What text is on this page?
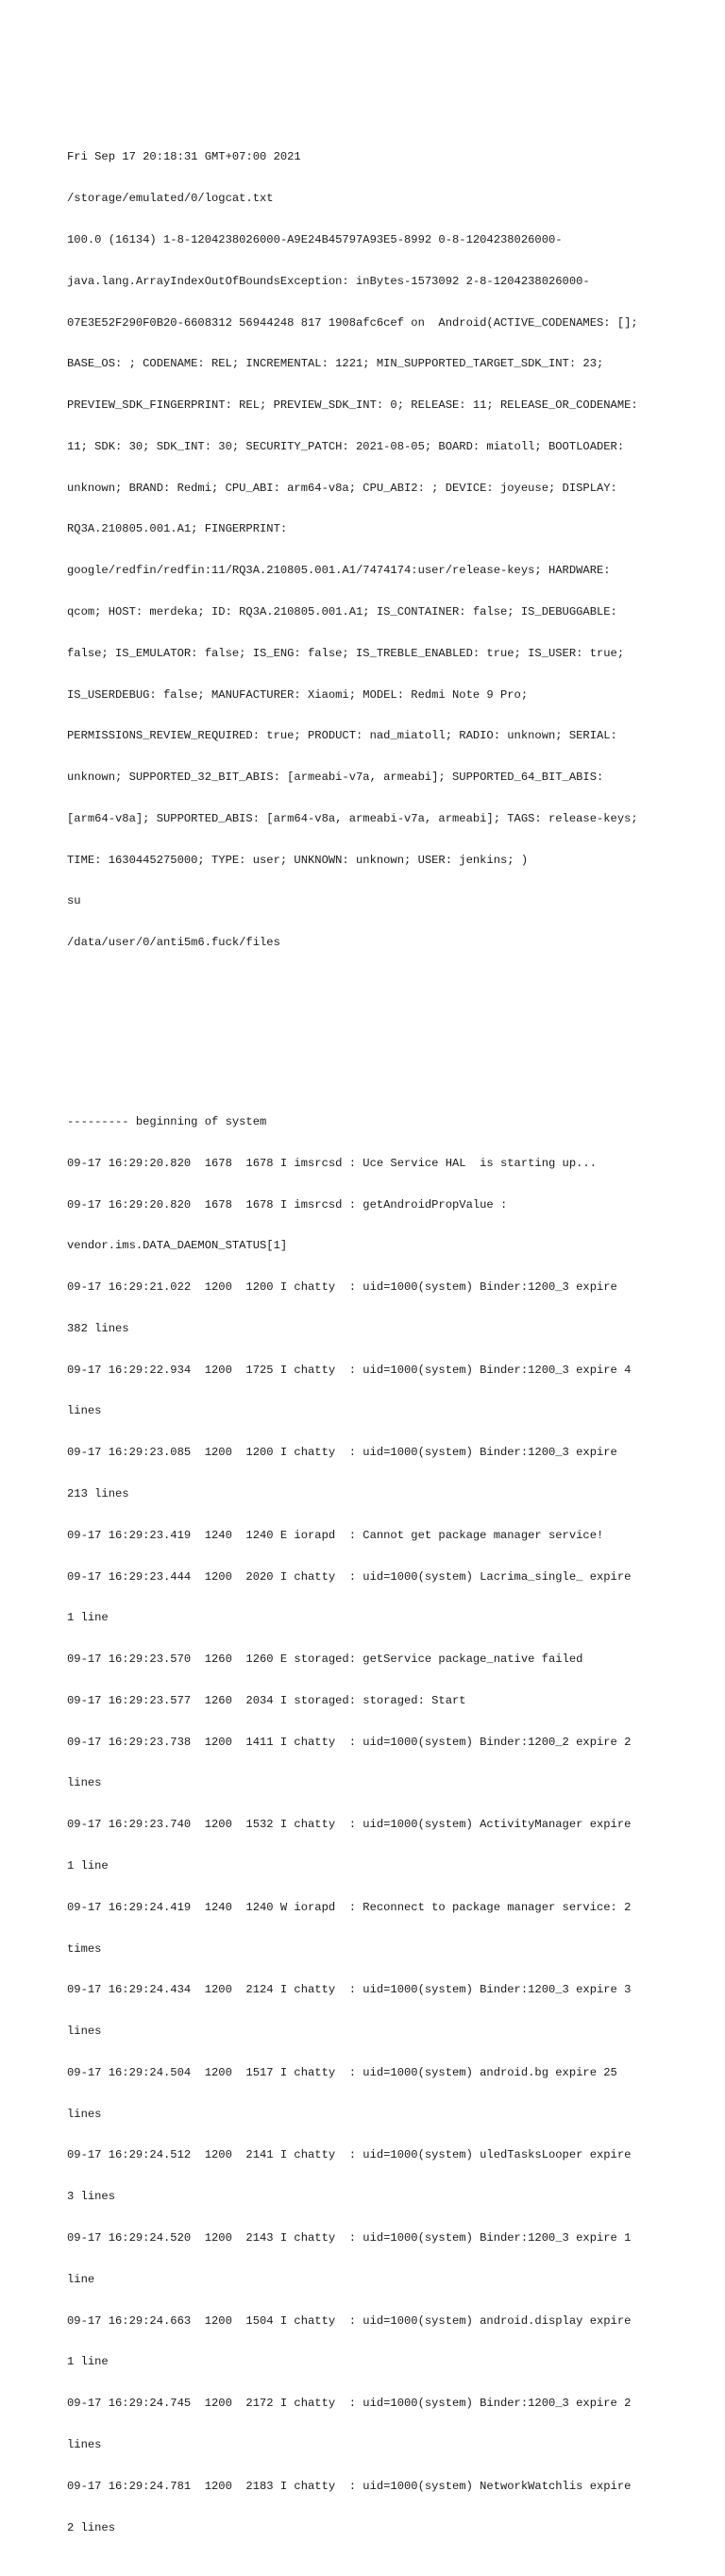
Fri Sep 17 20:18:31 GMT+07:00 2021

/storage/emulated/0/logcat.txt

100.0 (16134) 1-8-1204238026000-A9E24B45797A93E5-8992 0-8-1204238026000-

java.lang.ArrayIndexOutOfBoundsException: inBytes-1573092 2-8-1204238026000-

07E3E52F290F0B20-6608312 56944248 817 1908afc6cef on  Android(ACTIVE_CODENAMES: [];

BASE_OS: ; CODENAME: REL; INCREMENTAL: 1221; MIN_SUPPORTED_TARGET_SDK_INT: 23;

PREVIEW_SDK_FINGERPRINT: REL; PREVIEW_SDK_INT: 0; RELEASE: 11; RELEASE_OR_CODENAME:

11; SDK: 30; SDK_INT: 30; SECURITY_PATCH: 2021-08-05; BOARD: miatoll; BOOTLOADER:

unknown; BRAND: Redmi; CPU_ABI: arm64-v8a; CPU_ABI2: ; DEVICE: joyeuse; DISPLAY:

RQ3A.210805.001.A1; FINGERPRINT:

google/redfin/redfin:11/RQ3A.210805.001.A1/7474174:user/release-keys; HARDWARE:

qcom; HOST: merdeka; ID: RQ3A.210805.001.A1; IS_CONTAINER: false; IS_DEBUGGABLE:

false; IS_EMULATOR: false; IS_ENG: false; IS_TREBLE_ENABLED: true; IS_USER: true;

IS_USERDEBUG: false; MANUFACTURER: Xiaomi; MODEL: Redmi Note 9 Pro;

PERMISSIONS_REVIEW_REQUIRED: true; PRODUCT: nad_miatoll; RADIO: unknown; SERIAL:

unknown; SUPPORTED_32_BIT_ABIS: [armeabi-v7a, armeabi]; SUPPORTED_64_BIT_ABIS:

[arm64-v8a]; SUPPORTED_ABIS: [arm64-v8a, armeabi-v7a, armeabi]; TAGS: release-keys;

TIME: 1630445275000; TYPE: user; UNKNOWN: unknown; USER: jenkins; )

su

/data/user/0/anti5m6.fuck/files

--------- beginning of system

09-17 16:29:20.820  1678  1678 I imsrcsd : Uce Service HAL  is starting up...

09-17 16:29:20.820  1678  1678 I imsrcsd : getAndroidPropValue :

vendor.ims.DATA_DAEMON_STATUS[1]

09-17 16:29:21.022  1200  1200 I chatty  : uid=1000(system) Binder:1200_3 expire

382 lines

09-17 16:29:22.934  1200  1725 I chatty  : uid=1000(system) Binder:1200_3 expire 4

lines

09-17 16:29:23.085  1200  1200 I chatty  : uid=1000(system) Binder:1200_3 expire

213 lines

09-17 16:29:23.419  1240  1240 E iorapd  : Cannot get package manager service!

09-17 16:29:23.444  1200  2020 I chatty  : uid=1000(system) Lacrima_single_ expire

1 line

09-17 16:29:23.570  1260  1260 E storaged: getService package_native failed

09-17 16:29:23.577  1260  2034 I storaged: storaged: Start

09-17 16:29:23.738  1200  1411 I chatty  : uid=1000(system) Binder:1200_2 expire 2

lines

09-17 16:29:23.740  1200  1532 I chatty  : uid=1000(system) ActivityManager expire

1 line

09-17 16:29:24.419  1240  1240 W iorapd  : Reconnect to package manager service: 2

times

09-17 16:29:24.434  1200  2124 I chatty  : uid=1000(system) Binder:1200_3 expire 3

lines

09-17 16:29:24.504  1200  1517 I chatty  : uid=1000(system) android.bg expire 25

lines

09-17 16:29:24.512  1200  2141 I chatty  : uid=1000(system) uledTasksLooper expire

3 lines

09-17 16:29:24.520  1200  2143 I chatty  : uid=1000(system) Binder:1200_3 expire 1

line

09-17 16:29:24.663  1200  1504 I chatty  : uid=1000(system) android.display expire

1 line

09-17 16:29:24.745  1200  2172 I chatty  : uid=1000(system) Binder:1200_3 expire 2

lines

09-17 16:29:24.781  1200  2183 I chatty  : uid=1000(system) NetworkWatchlis expire

2 lines
